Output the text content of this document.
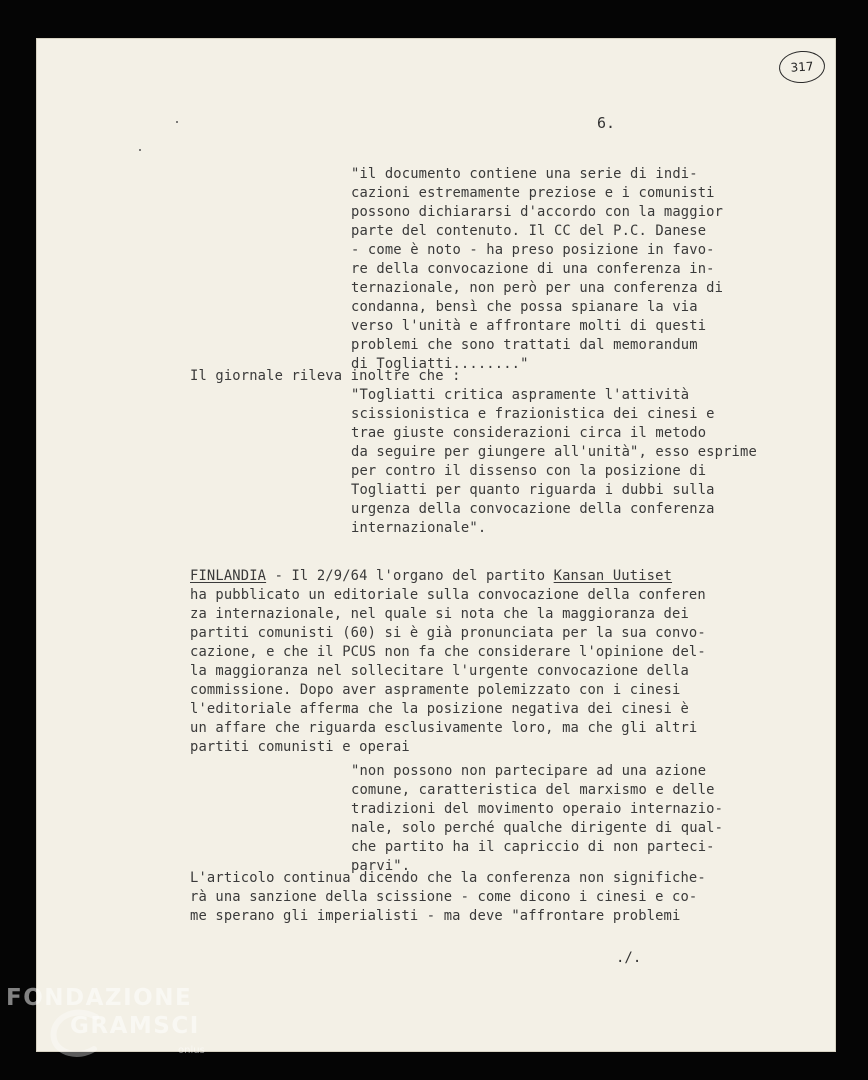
317
6.

"il documento contiene una serie di indi-
cazioni estremamente preziose e i comunisti
possono dichiararsi d'accordo con la maggior
parte del contenuto. Il CC del P.C. Danese
- come è noto - ha preso posizione in favo-
re della convocazione di una conferenza in-
ternazionale, non però per una conferenza di
condanna, bensì che possa spianare la via
verso l'unità e affrontare molti di questi
problemi che sono trattati dal memorandum
di Togliatti........"

Il giornale rileva inoltre che :

"Togliatti critica aspramente l'attività
scissionistica e frazionistica dei cinesi e
trae giuste considerazioni circa il metodo
da seguire per giungere all'unità", esso esprime
per contro il dissenso con la posizione di
Togliatti per quanto riguarda i dubbi sulla
urgenza della convocazione della conferenza
internazionale".

FINLANDIA - Il 2/9/64 l'organo del partito Kansan Uutiset
ha pubblicato un editoriale sulla convocazione della conferen
za internazionale, nel quale si nota che la maggioranza dei
partiti comunisti (60) si è già pronunciata per la sua convo-
cazione, e che il PCUS non fa che considerare l'opinione del-
la maggioranza nel sollecitare l'urgente convocazione della
commissione. Dopo aver aspramente polemizzato con i cinesi
l'editoriale afferma che la posizione negativa dei cinesi è
un affare che riguarda esclusivamente loro, ma che gli altri
partiti comunisti e operai

"non possono non partecipare ad una azione
comune, caratteristica del marxismo e delle
tradizioni del movimento operaio internazio-
nale, solo perché qualche dirigente di qual-
che partito ha il capriccio di non parteci-
parvi".

L'articolo continua dicendo che la conferenza non significhe-
rà una sanzione della scissione - come dicono i cinesi e co-
me sperano gli imperialisti - ma deve "affrontare problemi

./.
FONDAZIONE
GRAMSCI
onlus
